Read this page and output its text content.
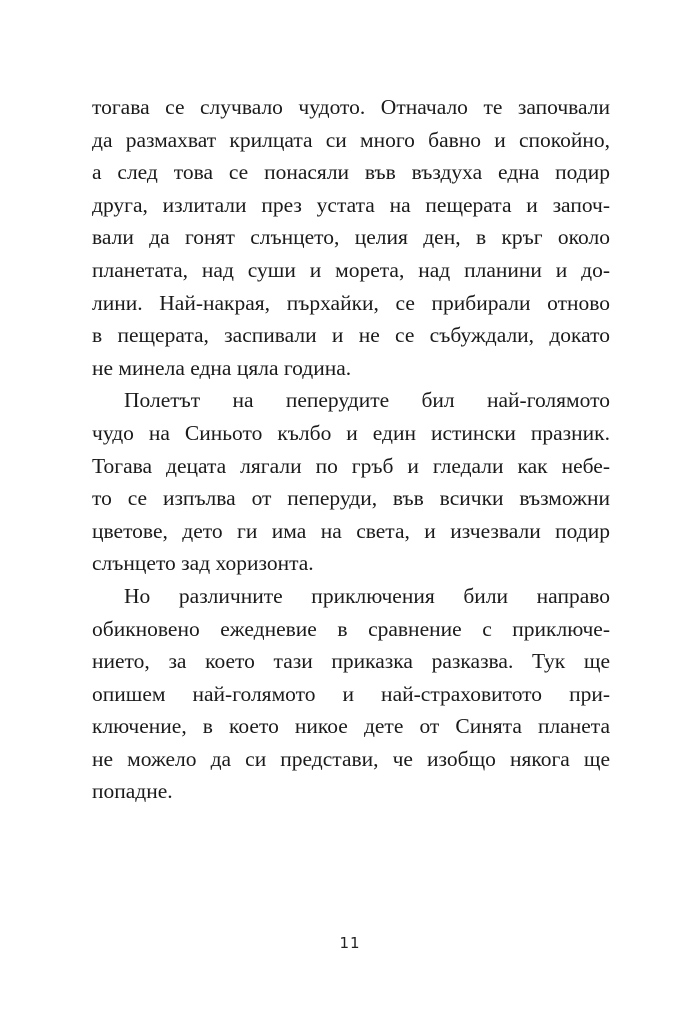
тогава се случвало чудото. Отначало те започвали
да размахват крилцата си много бавно и спокойно,
а след това се понасяли във въздуха една подир
друга, излитали през устата на пещерата и започ-
вали да гонят слънцето, целия ден, в кръг около
планетата, над суши и морета, над планини и до-
лини. Най-накрая, пърхайки, се прибирали отново
в пещерата, заспивали и не се събуждали, докато
не минела една цяла година.
Полетът на пеперудите бил най-голямото
чудо на Синьото кълбо и един истински празник.
Тогава децата лягали по гръб и гледали как небе-
то се изпълва от пеперуди, във всички възможни
цветове, дето ги има на света, и изчезвали подир
слънцето зад хоризонта.
Но различните приключения били направо
обикновено ежедневие в сравнение с приключе-
нието, за което тази приказка разказва. Тук ще
опишем най-голямото и най-страховитото при-
ключение, в което никое дете от Синята планета
не можело да си представи, че изобщо някога ще
попадне.
11
